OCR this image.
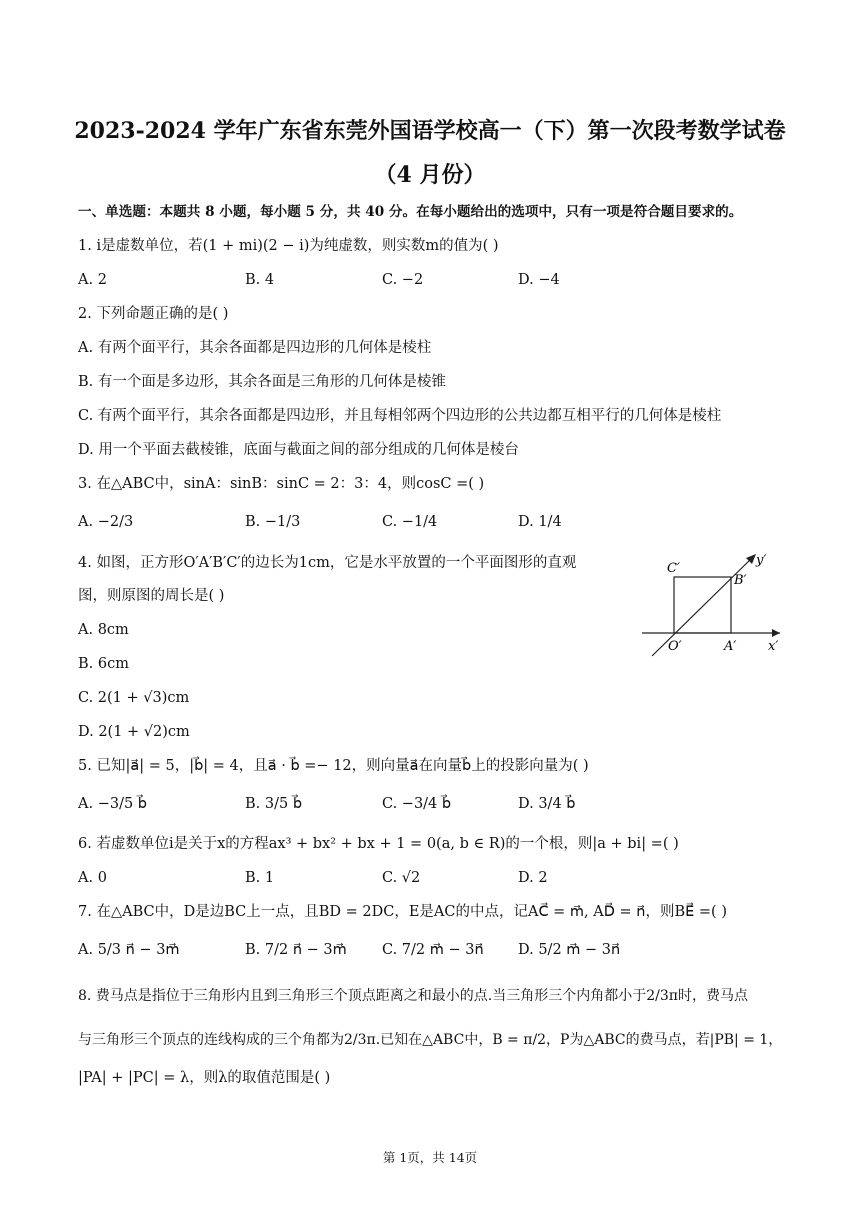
2023-2024 学年广东省东莞外国语学校高一（下）第一次段考数学试卷
（4 月份）
一、单选题：本题共 8 小题，每小题 5 分，共 40 分。在每小题给出的选项中，只有一项是符合题目要求的。
1. i是虚数单位，若(1 + mi)(2 − i)为纯虚数，则实数m的值为( )
A. 2	B. 4	C. −2	D. −4
2. 下列命题正确的是( )
A. 有两个面平行，其余各面都是四边形的几何体是棱柱
B. 有一个面是多边形，其余各面是三角形的几何体是棱锥
C. 有两个面平行，其余各面都是四边形，并且每相邻两个四边形的公共边都互相平行的几何体是棱柱
D. 用一个平面去截棱锥，底面与截面之间的部分组成的几何体是棱台
3. 在△ABC中，sinA：sinB：sinC = 2：3：4，则cosC =( )
A. −2/3	B. −1/3	C. −1/4	D. 1/4
4. 如图，正方形O′A′B′C′的边长为1cm，它是水平放置的一个平面图形的直观
图，则原图的周长是( )
A. 8cm
B. 6cm
C. 2(1 + √3)cm
D. 2(1 + √2)cm
C′
B′
y′
O′	A′ x′
5. 已知|a⃗| = 5，|b⃗| = 4，且a⃗ · b⃗ =− 12，则向量a⃗在向量b⃗上的投影向量为( )
A. −3/5 b⃗	B. 3/5 b⃗	C. −3/4 b⃗	D. 3/4 b⃗
6. 若虚数单位i是关于x的方程ax³ + bx² + bx + 1 = 0(a, b ∈ R)的一个根，则|a + bi| =( )
A. 0	B. 1	C. √2	D. 2
7. 在△ABC中，D是边BC上一点，且BD = 2DC，E是AC的中点，记AC⃗ = m⃗, AD⃗ = n⃗，则BE⃗ =( )
A. 5/3 n⃗ − 3m⃗	B. 7/2 n⃗ − 3m⃗ C. 7/2 m⃗ − 3n⃗ D. 5/2 m⃗ − 3n⃗
8. 费马点是指位于三角形内且到三角形三个顶点距离之和最小的点.当三角形三个内角都小于2/3π时，费马点
与三角形三个顶点的连线构成的三个角都为2/3π.已知在△ABC中，B = π/2，P为△ABC的费马点，若|PB| = 1，
|PA| + |PC| = λ，则λ的取值范围是( )
第 1页，共 14页
